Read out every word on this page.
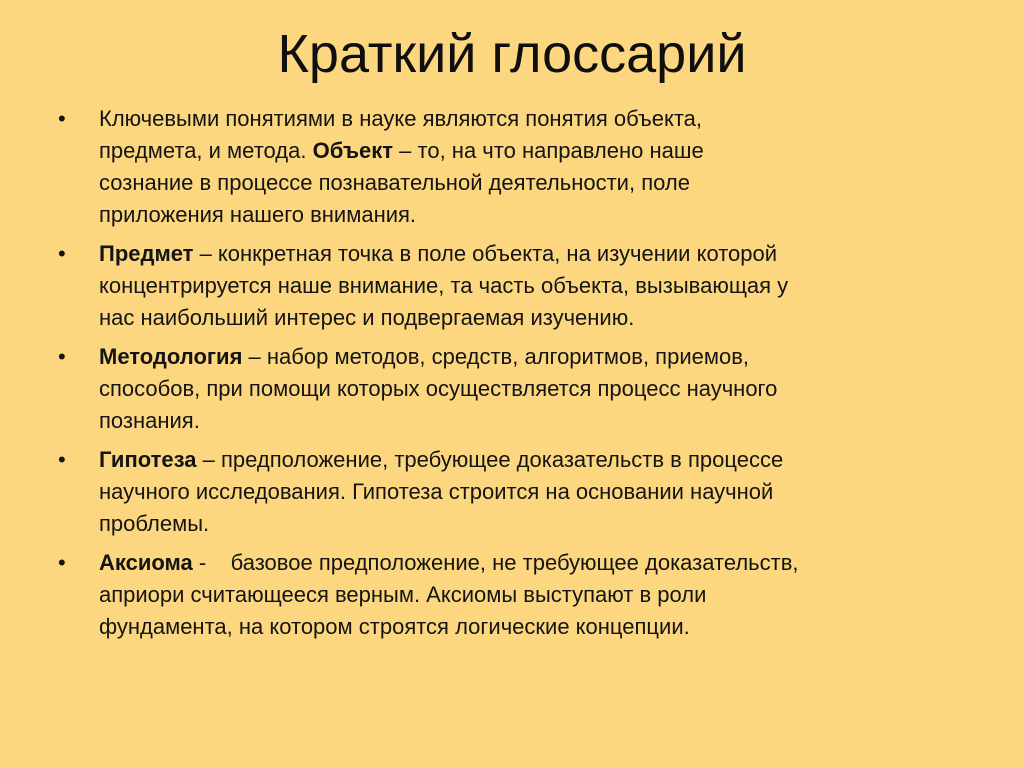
Краткий глоссарий
• Ключевыми понятиями в науке являются понятия объекта,
предмета, и метода. Объект – то, на что направлено наше
сознание в процессе познавательной деятельности, поле
приложения нашего внимания.
• Предмет – конкретная точка в поле объекта, на изучении которой
концентрируется наше внимание, та часть объекта, вызывающая у
нас наибольший интерес и подвергаемая изучению.
• Методология – набор методов, средств, алгоритмов, приемов,
способов, при помощи которых осуществляется процесс научного
познания.
• Гипотеза – предположение, требующее доказательств в процессе
научного исследования. Гипотеза строится на основании научной
проблемы.
• Аксиома -    базовое предположение, не требующее доказательств,
априори считающееся верным. Аксиомы выступают в роли
фундамента, на котором строятся логические концепции.
